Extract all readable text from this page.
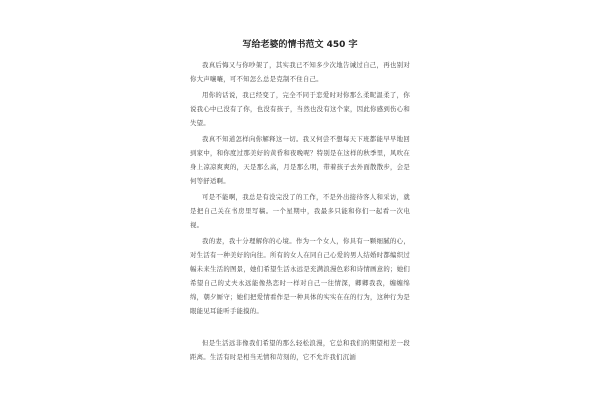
写给老婆的情书范文 450 字

我真后悔又与你吵架了，其实我已不知多少次地告诫过自己，再也别对你大声嚷嚷，可不知怎么总是克制不住自己。

用你的话说，我已经变了，完全不同于恋爱时对你那么柔昵温柔了，你说我心中已没有了你，也没有孩子，当然也没有这个家，因此你感到伤心和失望。

我真不知道怎样向你解释这一切。我又何尝不想每天下班都能早早地回到家中，和你度过那美好的黄昏和夜晚呢？特别是在这样的秋季里，风吹在身上凉凉爽爽的，天是那么高，月是那么明，带着孩子去外面散散步，会是何等舒适啊。

可是不能啊，我总是有没完没了的工作，不是外出接待客人和采访，就是把自己关在书房里写稿。一个星期中，我最多只能和你们一起看一次电视。

我的妻，我十分理解你的心境。作为一个女人，你具有一颗细腻的心，对生活有一种美好的向往。所有的女人在同自己心爱的男人结婚时都编织过幅未来生活的图景，她们希望生活永远是充满浪漫色彩和诗情画意的；她们希望自己的丈夫永远能像热恋时一样对自己一往情深，卿卿我我，缠缠绵绵，朝夕厮守；她们把爱情看作是一种具体的实实在在的行为，这种行为是眼能见耳能听手能摸的。

但是生活远非像我们希望的那么轻松浪漫，它总和我们的期望相差一段距离。生活有时是相当无情和苛刻的，它不允许我们沉湎
